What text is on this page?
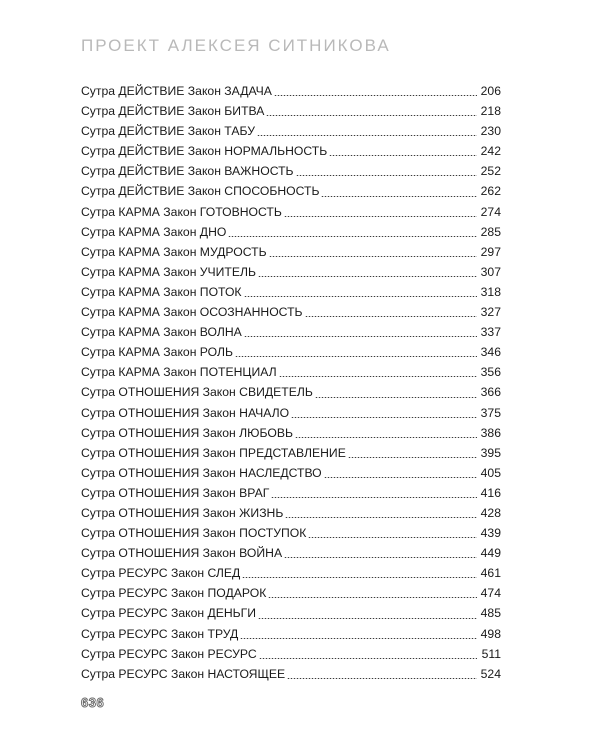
ПРОЕКТ АЛЕКСЕЯ СИТНИКОВА
Сутра ДЕЙСТВИЕ Закон ЗАДАЧА	206
Сутра ДЕЙСТВИЕ Закон БИТВА	218
Сутра ДЕЙСТВИЕ Закон ТАБУ	230
Сутра ДЕЙСТВИЕ Закон НОРМАЛЬНОСТЬ	242
Сутра ДЕЙСТВИЕ Закон ВАЖНОСТЬ	252
Сутра ДЕЙСТВИЕ Закон СПОСОБНОСТЬ	262
Сутра КАРМА Закон ГОТОВНОСТЬ	274
Сутра КАРМА Закон ДНО	285
Сутра КАРМА Закон МУДРОСТЬ	297
Сутра КАРМА Закон УЧИТЕЛЬ	307
Сутра КАРМА Закон ПОТОК	318
Сутра КАРМА Закон ОСОЗНАННОСТЬ	327
Сутра КАРМА Закон ВОЛНА	337
Сутра КАРМА Закон РОЛЬ	346
Сутра КАРМА Закон ПОТЕНЦИАЛ	356
Сутра ОТНОШЕНИЯ Закон СВИДЕТЕЛЬ	366
Сутра ОТНОШЕНИЯ Закон НАЧАЛО	375
Сутра ОТНОШЕНИЯ Закон ЛЮБОВЬ	386
Сутра ОТНОШЕНИЯ Закон ПРЕДСТАВЛЕНИЕ	395
Сутра ОТНОШЕНИЯ Закон НАСЛЕДСТВО	405
Сутра ОТНОШЕНИЯ Закон ВРАГ	416
Сутра ОТНОШЕНИЯ Закон ЖИЗНЬ	428
Сутра ОТНОШЕНИЯ Закон ПОСТУПОК	439
Сутра ОТНОШЕНИЯ Закон ВОЙНА	449
Сутра РЕСУРС Закон СЛЕД	461
Сутра РЕСУРС Закон ПОДАРОК	474
Сутра РЕСУРС Закон ДЕНЬГИ	485
Сутра РЕСУРС Закон ТРУД	498
Сутра РЕСУРС Закон РЕСУРС	511
Сутра РЕСУРС Закон НАСТОЯЩЕЕ	524
636
